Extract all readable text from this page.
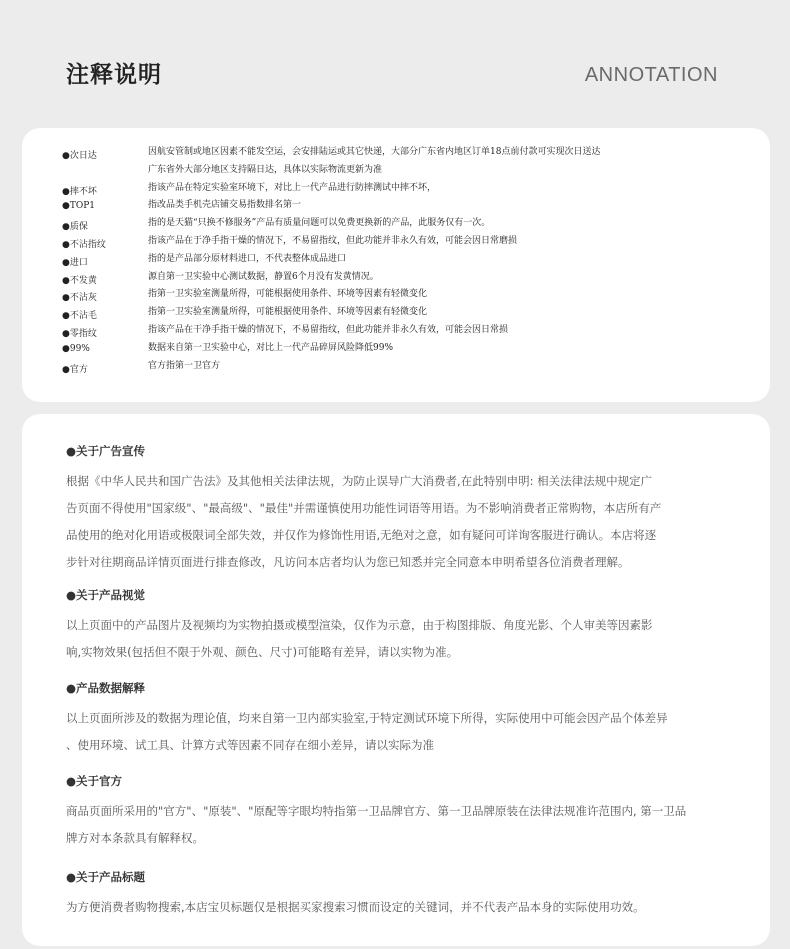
注释说明	ANNOTATION
●次日达	因航安管制或地区因素不能发空运，会安排陆运或其它快递，大部分广东省内地区订单18点前付款可实现次日送达
广东省外大部分地区支持隔日达，具体以实际物流更新为准
●摔不坏	指该产品在特定实验室环境下，对比上一代产品进行防摔测试中摔不坏，
●TOP1	指改品类手机壳店铺交易指数排名第一
●质保	指的是天猫“只换不修服务”产品有质量问题可以免费更换新的产品，此服务仅有一次。
●不沾指纹	指该产品在于净手指干燥的情况下，不易留指纹，但此功能并非永久有效，可能会因日常磨损
●进口	指的是产品部分原材料进口，不代表整体成品进口
●不发黄	源自第一卫实验中心测试数据，静置6个月没有发黄情况。
●不沾灰	指第一卫实验室测量所得，可能根据使用条件、环境等因素有轻微变化
●不沾毛	指第一卫实验室测量所得，可能根据使用条件、环境等因素有轻微变化
●零指纹	指该产品在干净手指干燥的情况下，不易留指纹，但此功能并非永久有效，可能会因日常损
●99%	数据来自第一卫实验中心，对比上一代产品碎屏风险降低99%
●官方	官方指第一卫官方
●关于广告宣传
根据《中华人民共和国广告法》及其他相关法律法规，为防止误导广大消费者,在此特别申明: 相关法律法规中规定广
告页面不得使用"国家级"、"最高级"、"最佳"并需谨慎使用功能性词语等用语。为不影响消费者正常购物，本店所有产
品使用的绝对化用语或极限词全部失效，并仅作为修饰性用语,无绝对之意，如有疑问可详询客服进行确认。本店将逐
步针对往期商品详情页面进行排查修改，凡访问本店者均认为您已知悉并完全同意本申明希望各位消费者理解。
●关于产品视觉
以上页面中的产品图片及视频均为实物拍摄或模型渲染，仅作为示意，由于构图排版、角度光影、个人审美等因素影
响,实物效果(包括但不限于外观、颜色、尺寸)可能略有差异，请以实物为准。
●产品数据解释
以上页面所涉及的数据为理论值，均来自第一卫内部实验室,于特定测试环境下所得，实际使用中可能会因产品个体差异
、使用环境、试工具、计算方式等因素不同存在细小差异，请以实际为准
●关于官方
商品页面所采用的"官方"、"原装"、"原配等字眼均特指第一卫品牌官方、第一卫品牌原装在法律法规准许范围内, 第一卫品
牌方对本条款具有解释权。
●关于产品标题
为方便消费者购物搜索,本店宝贝标题仅是根据买家搜索习惯而设定的关键词，并不代表产品本身的实际使用功效。
